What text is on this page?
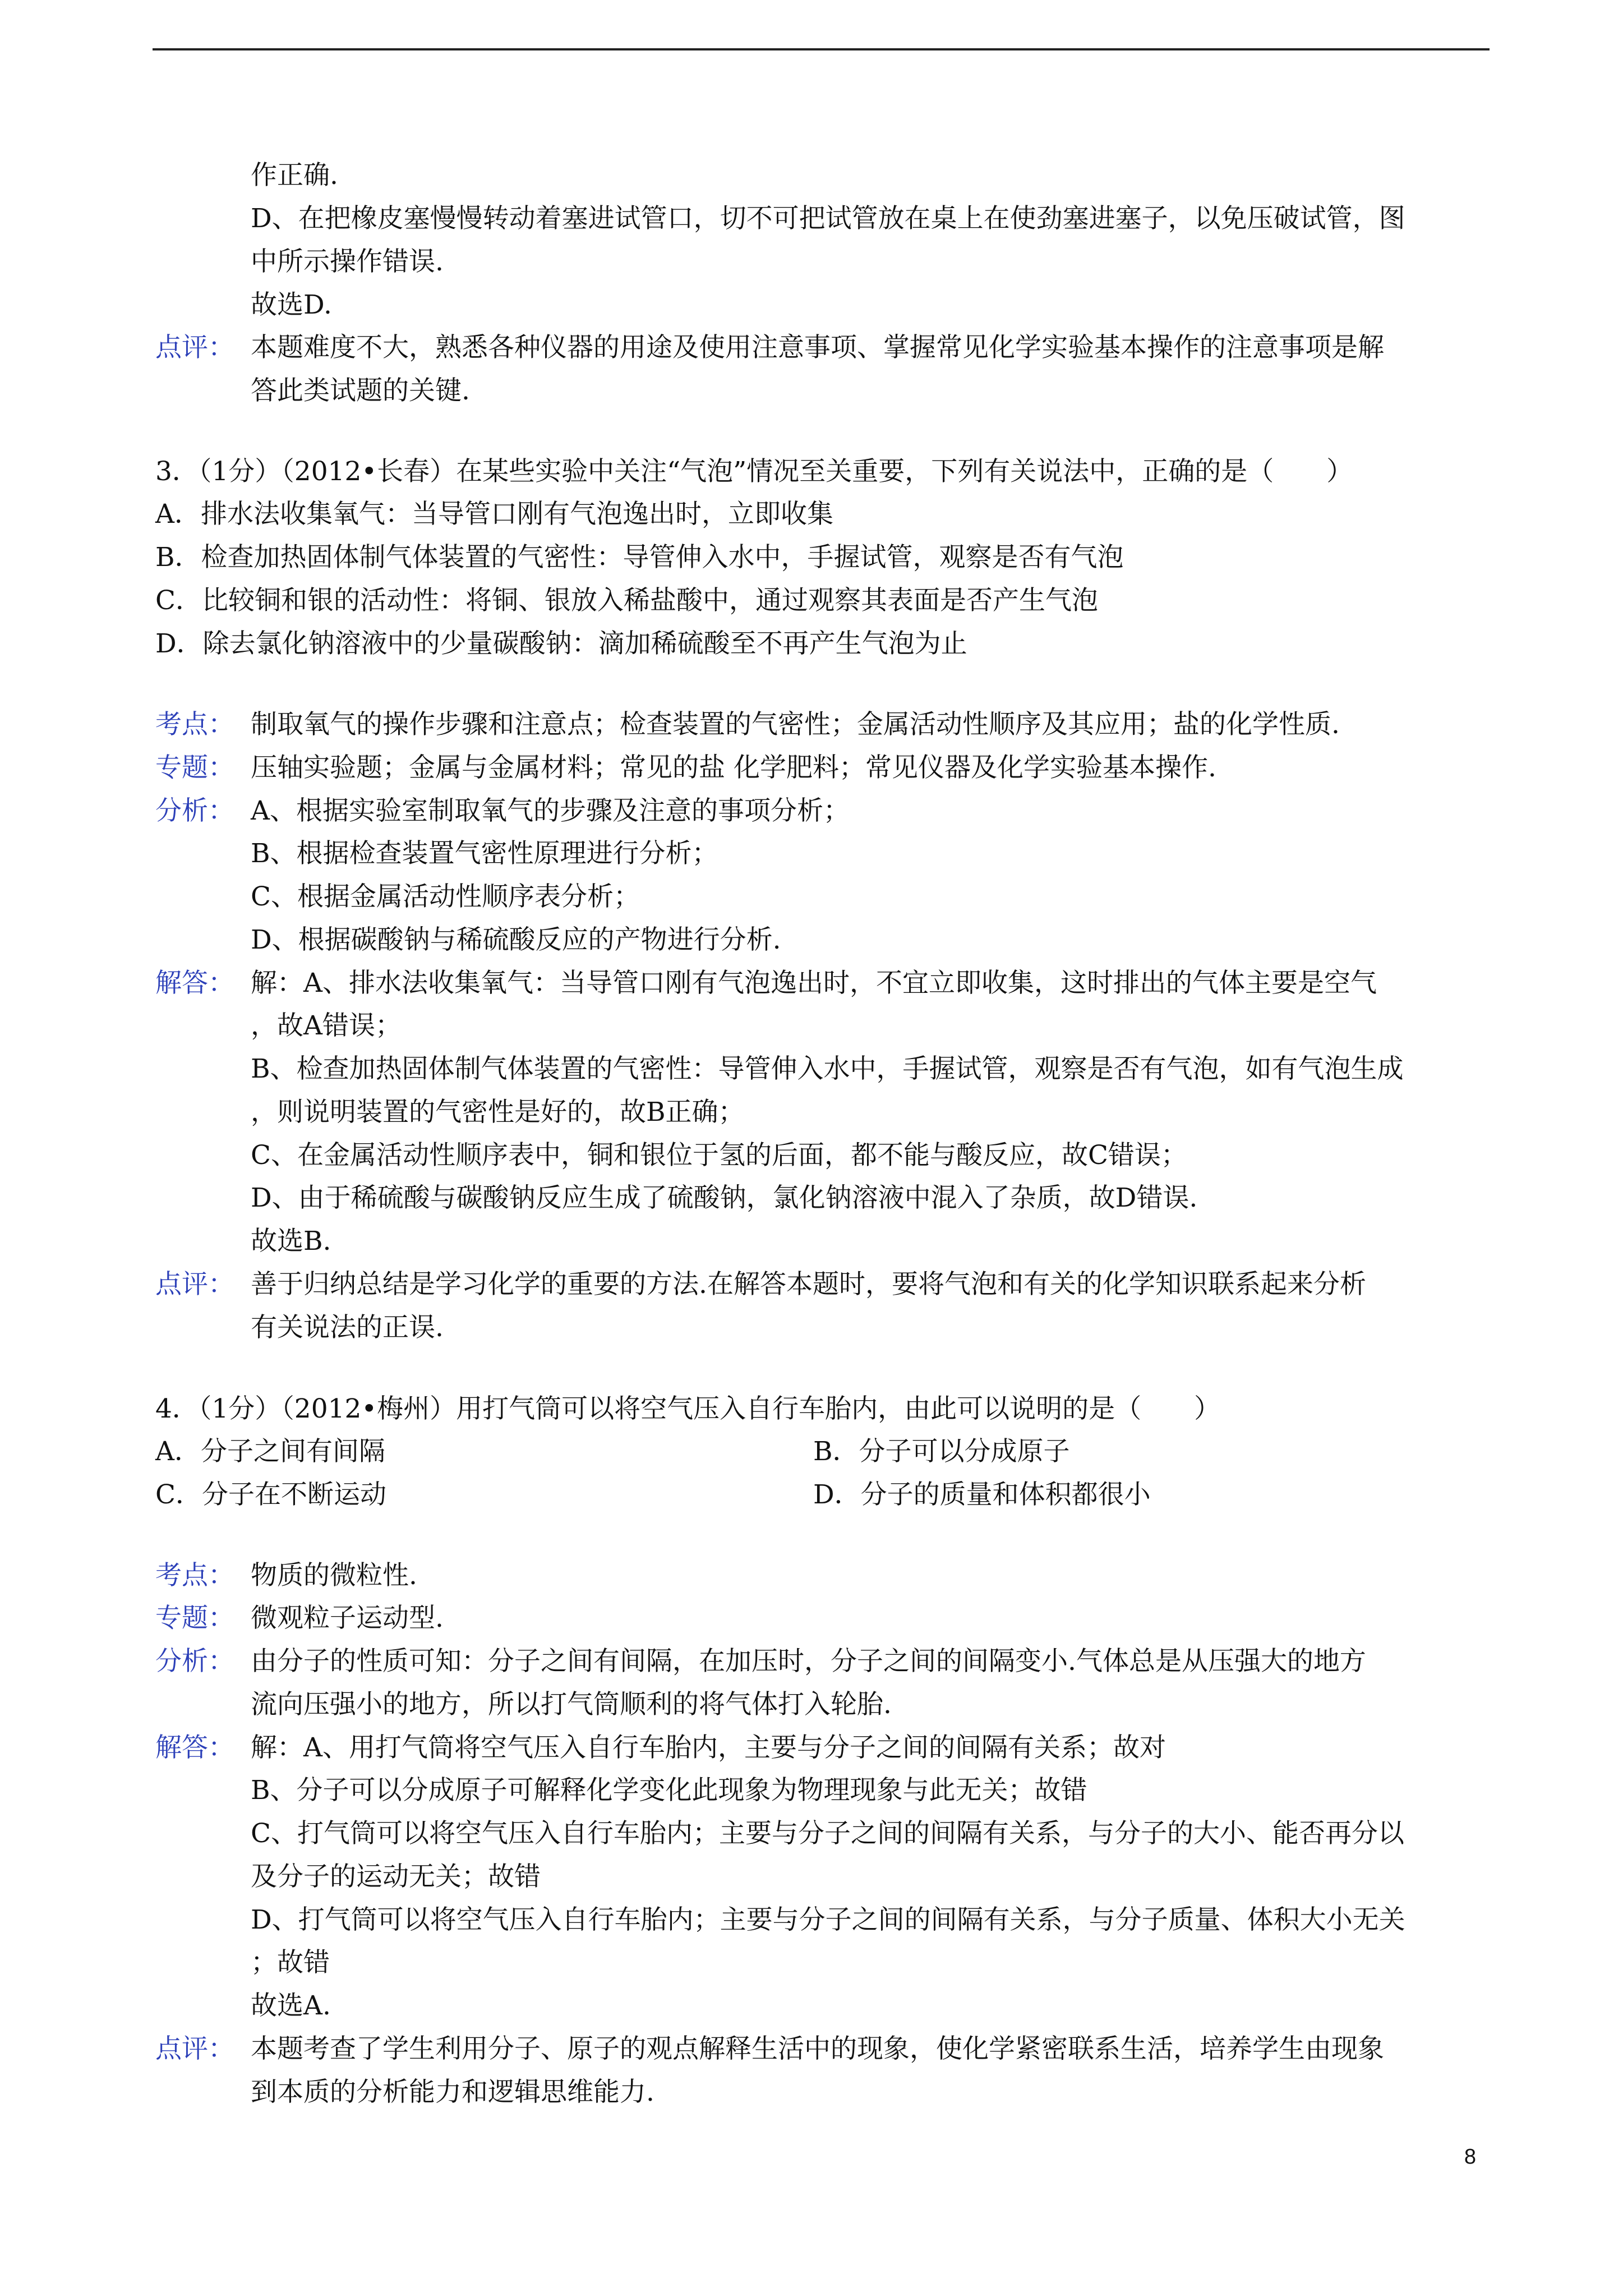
作正确.
D、在把橡皮塞慢慢转动着塞进试管口，切不可把试管放在桌上在使劲塞进塞子，以免压破试管，图
中所示操作错误.
故选D.
点评： 本题难度不大，熟悉各种仪器的用途及使用注意事项、掌握常见化学实验基本操作的注意事项是解
答此类试题的关键.
3．（1分）（2012•长春）在某些实验中关注“气泡”情况至关重要，下列有关说法中，正确的是（　　）
A．排水法收集氧气：当导管口刚有气泡逸出时，立即收集
B．检查加热固体制气体装置的气密性：导管伸入水中，手握试管，观察是否有气泡
C．比较铜和银的活动性：将铜、银放入稀盐酸中，通过观察其表面是否产生气泡
D．除去氯化钠溶液中的少量碳酸钠：滴加稀硫酸至不再产生气泡为止
考点： 制取氧气的操作步骤和注意点；检查装置的气密性；金属活动性顺序及其应用；盐的化学性质.
专题： 压轴实验题；金属与金属材料；常见的盐 化学肥料；常见仪器及化学实验基本操作.
分析： A、根据实验室制取氧气的步骤及注意的事项分析；
B、根据检查装置气密性原理进行分析；
C、根据金属活动性顺序表分析；
D、根据碳酸钠与稀硫酸反应的产物进行分析.
解答： 解：A、排水法收集氧气：当导管口刚有气泡逸出时，不宜立即收集，这时排出的气体主要是空气
，故A错误；
B、检查加热固体制气体装置的气密性：导管伸入水中，手握试管，观察是否有气泡，如有气泡生成
，则说明装置的气密性是好的，故B正确；
C、在金属活动性顺序表中，铜和银位于氢的后面，都不能与酸反应，故C错误；
D、由于稀硫酸与碳酸钠反应生成了硫酸钠，氯化钠溶液中混入了杂质，故D错误.
故选B.
点评： 善于归纳总结是学习化学的重要的方法.在解答本题时，要将气泡和有关的化学知识联系起来分析
有关说法的正误.
4．（1分）（2012•梅州）用打气筒可以将空气压入自行车胎内，由此可以说明的是（　　）
A．分子之间有间隔	B．分子可以分成原子
C．分子在不断运动	D．分子的质量和体积都很小
考点： 物质的微粒性.
专题： 微观粒子运动型.
分析： 由分子的性质可知：分子之间有间隔，在加压时，分子之间的间隔变小.气体总是从压强大的地方
流向压强小的地方，所以打气筒顺利的将气体打入轮胎.
解答： 解：A、用打气筒将空气压入自行车胎内，主要与分子之间的间隔有关系；故对
B、分子可以分成原子可解释化学变化此现象为物理现象与此无关；故错
C、打气筒可以将空气压入自行车胎内；主要与分子之间的间隔有关系，与分子的大小、能否再分以
及分子的运动无关；故错
D、打气筒可以将空气压入自行车胎内；主要与分子之间的间隔有关系，与分子质量、体积大小无关
；故错
故选A.
点评： 本题考查了学生利用分子、原子的观点解释生活中的现象，使化学紧密联系生活，培养学生由现象
到本质的分析能力和逻辑思维能力.
8
